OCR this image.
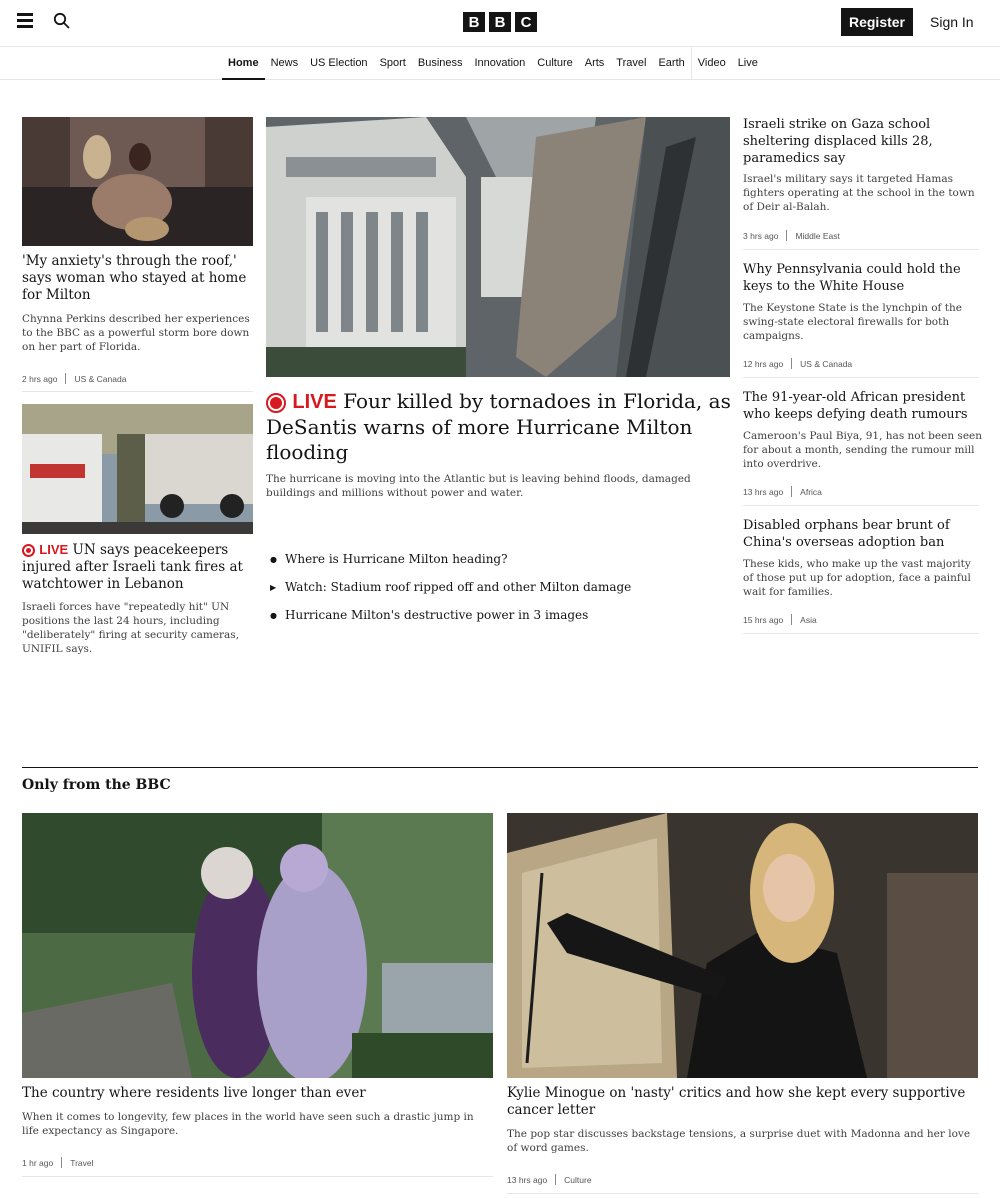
B	B	C	Register	Sign In
Home	News	US Election	Sport	Business	Innovation	Culture	Arts	Travel	Earth	Video	Live
'My anxiety's through the roof,' says woman who stayed at home for Milton
Chynna Perkins described her experiences to the BBC as a powerful storm bore down on her part of Florida.
2 hrs ago US & Canada
LIVE UN says peacekeepers injured after Israeli tank fires at watchtower in Lebanon
Israeli forces have "repeatedly hit" UN positions the last 24 hours, including "deliberately" firing at security cameras, UNIFIL says.
LIVE Four killed by tornadoes in Florida, as DeSantis warns of more Hurricane Milton flooding
The hurricane is moving into the Atlantic but is leaving behind floods, damaged buildings and millions without power and water.
● Where is Hurricane Milton heading?
▶ Watch: Stadium roof ripped off and other Milton damage
● Hurricane Milton's destructive power in 3 images
Israeli strike on Gaza school sheltering displaced kills 28, paramedics say
Israel's military says it targeted Hamas fighters operating at the school in the town of Deir al-Balah.
3 hrs ago Middle East
Why Pennsylvania could hold the keys to the White House
The Keystone State is the lynchpin of the swing-state electoral firewalls for both campaigns.
12 hrs ago US & Canada
The 91-year-old African president who keeps defying death rumours
Cameroon's Paul Biya, 91, has not been seen for about a month, sending the rumour mill into overdrive.
13 hrs ago Africa
Disabled orphans bear brunt of China's overseas adoption ban
These kids, who make up the vast majority of those put up for adoption, face a painful wait for families.
15 hrs ago Asia
Only from the BBC
The country where residents live longer than ever
When it comes to longevity, few places in the world have seen such a drastic jump in life expectancy as Singapore.
1 hr ago Travel
Kylie Minogue on 'nasty' critics and how she kept every supportive cancer letter
The pop star discusses backstage tensions, a surprise duet with Madonna and her love of word games.
13 hrs ago Culture
